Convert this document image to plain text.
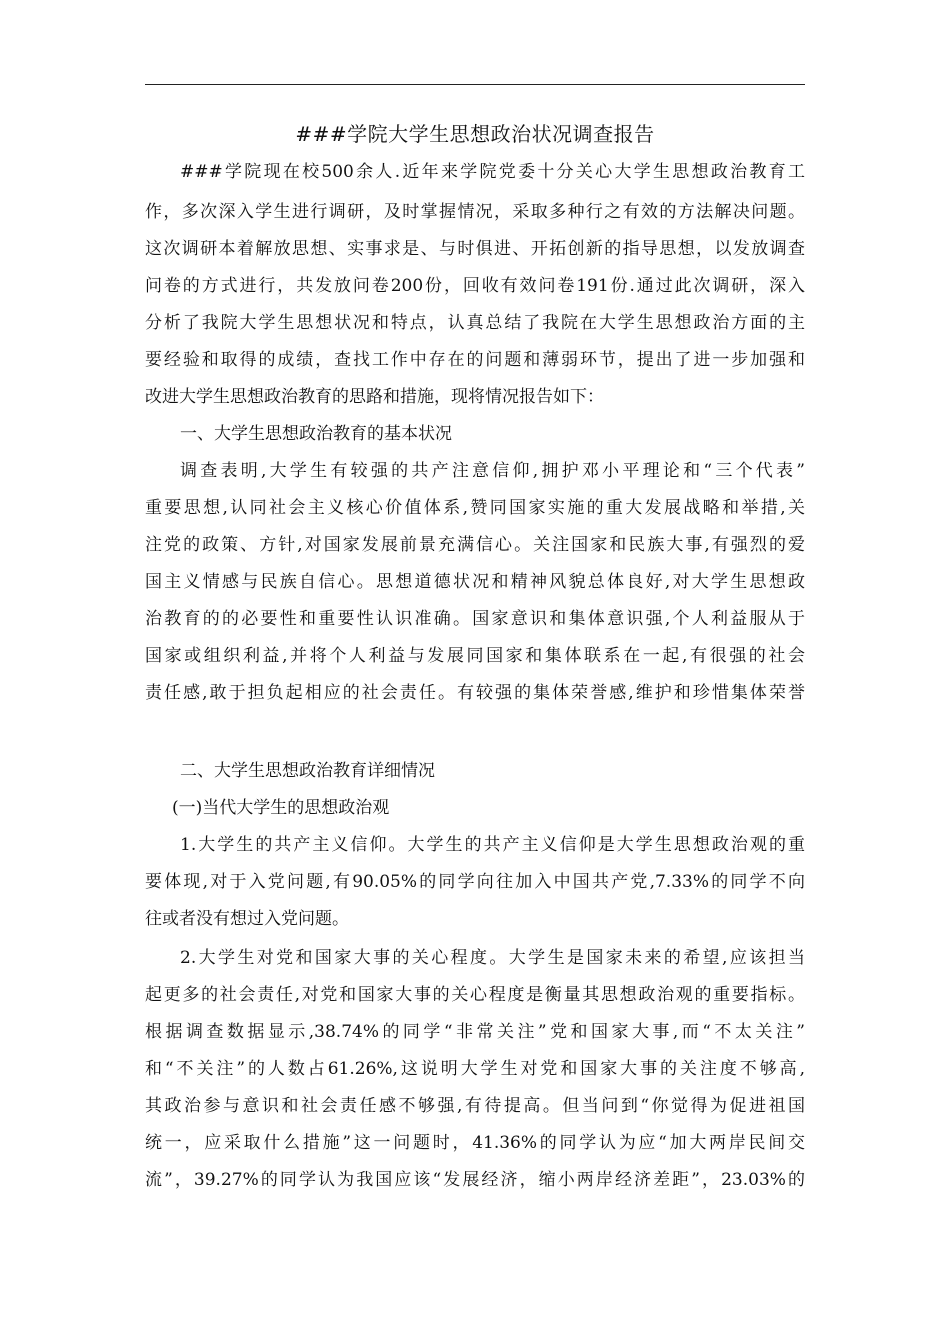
###学院大学生思想政治状况调查报告
###学院现在校500余人.近年来学院党委十分关心大学生思想政治教育工
作，多次深入学生进行调研，及时掌握情况，采取多种行之有效的方法解决问题。
这次调研本着解放思想、实事求是、与时俱进、开拓创新的指导思想，以发放调查
问卷的方式进行，共发放问卷200份，回收有效问卷191份.通过此次调研，深入
分析了我院大学生思想状况和特点，认真总结了我院在大学生思想政治方面的主
要经验和取得的成绩，查找工作中存在的问题和薄弱环节，提出了进一步加强和
改进大学生思想政治教育的思路和措施，现将情况报告如下：
一、大学生思想政治教育的基本状况
调查表明,大学生有较强的共产注意信仰,拥护邓小平理论和“三个代表”
重要思想,认同社会主义核心价值体系,赞同国家实施的重大发展战略和举措,关
注党的政策、方针,对国家发展前景充满信心。关注国家和民族大事,有强烈的爱
国主义情感与民族自信心。思想道德状况和精神风貌总体良好,对大学生思想政
治教育的的必要性和重要性认识准确。国家意识和集体意识强,个人利益服从于
国家或组织利益,并将个人利益与发展同国家和集体联系在一起,有很强的社会
责任感,敢于担负起相应的社会责任。有较强的集体荣誉感,维护和珍惜集体荣誉
二、大学生思想政治教育详细情况
(一)当代大学生的思想政治观
1.大学生的共产主义信仰。大学生的共产主义信仰是大学生思想政治观的重
要体现,对于入党问题,有90.05%的同学向往加入中国共产党,7.33%的同学不向
往或者没有想过入党问题。
2.大学生对党和国家大事的关心程度。大学生是国家未来的希望,应该担当
起更多的社会责任,对党和国家大事的关心程度是衡量其思想政治观的重要指标。
根据调查数据显示,38.74%的同学“非常关注”党和国家大事,而“不太关注”
和“不关注”的人数占61.26%,这说明大学生对党和国家大事的关注度不够高,
其政治参与意识和社会责任感不够强,有待提高。但当问到“你觉得为促进祖国
统一，应采取什么措施”这一问题时，41.36%的同学认为应“加大两岸民间交
流”，39.27%的同学认为我国应该“发展经济，缩小两岸经济差距”，23.03%的
